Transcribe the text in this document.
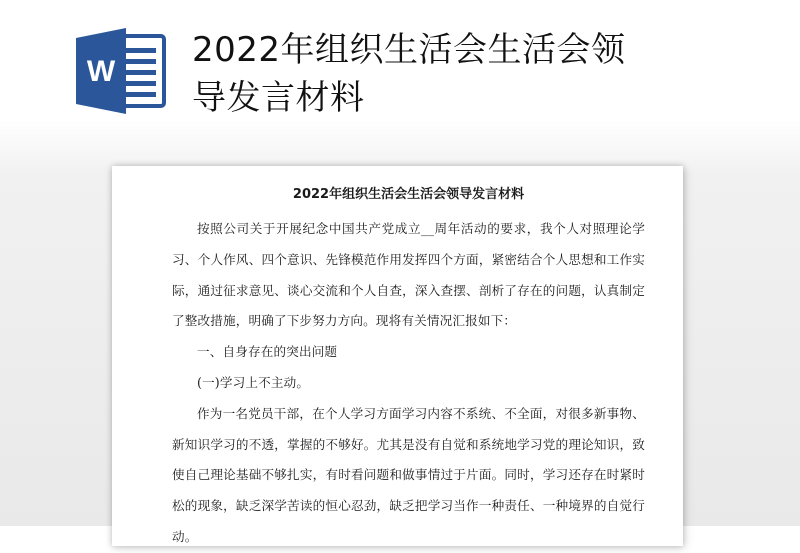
W
2022年组织生活会生活会领
导发言材料
2022年组织生活会生活会领导发言材料

按照公司关于开展纪念中国共产党成立__周年活动的要求，我个人对照理论学习、个人作风、四个意识、先锋模范作用发挥四个方面，紧密结合个人思想和工作实际，通过征求意见、谈心交流和个人自查，深入查摆、剖析了存在的问题，认真制定了整改措施，明确了下步努力方向。现将有关情况汇报如下：

一、自身存在的突出问题

(一)学习上不主动。

作为一名党员干部，在个人学习方面学习内容不系统、不全面，对很多新事物、新知识学习的不透，掌握的不够好。尤其是没有自觉和系统地学习党的理论知识，致使自己理论基础不够扎实，有时看问题和做事情过于片面。同时，学习还存在时紧时松的现象，缺乏深学苦读的恒心忍劲，缺乏把学习当作一种责任、一种境界的自觉行动。
